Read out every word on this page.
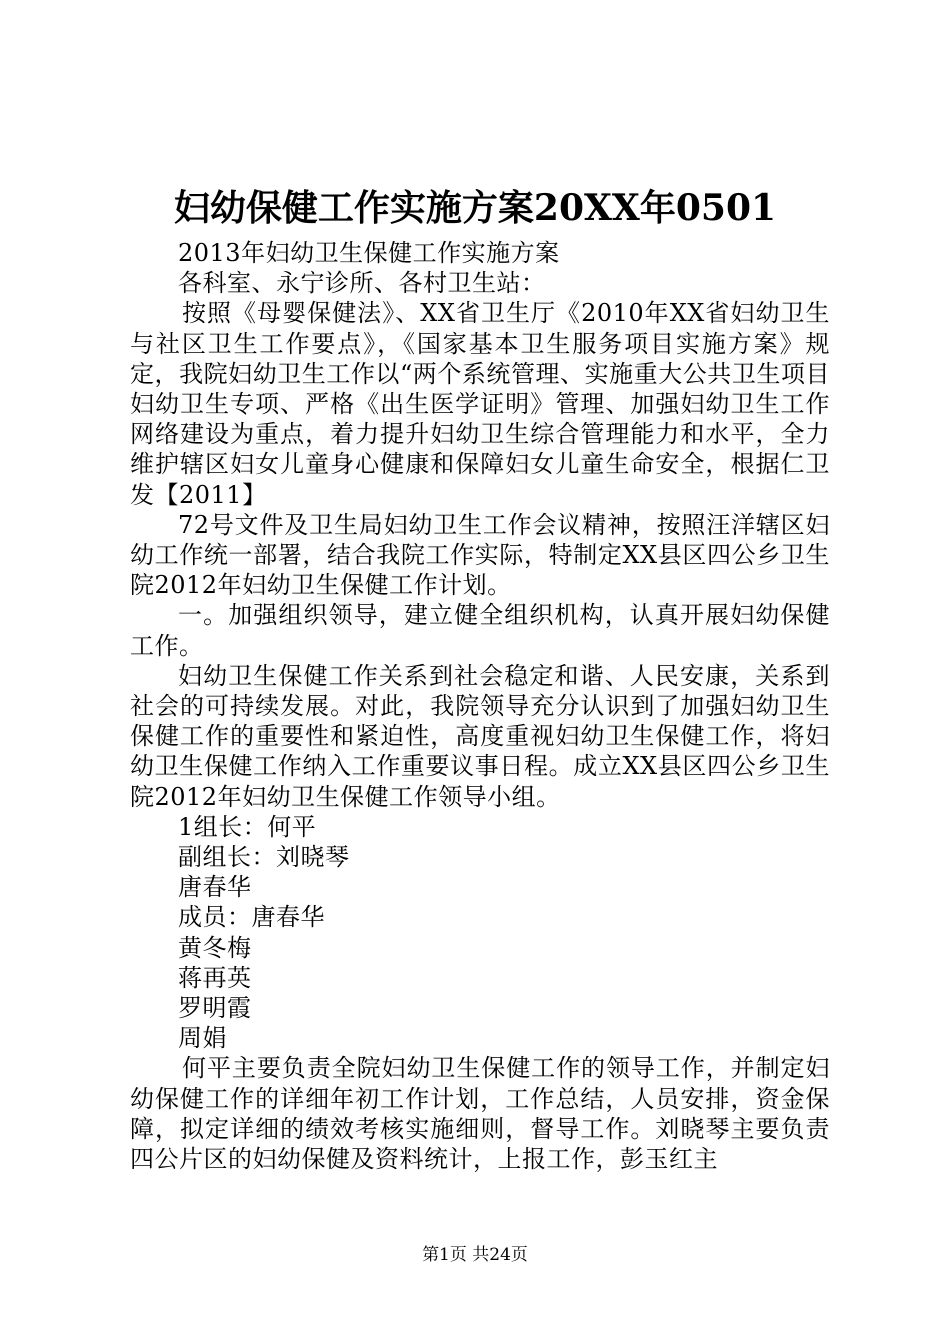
妇幼保健工作实施方案20XX年0501

2013年妇幼卫生保健工作实施方案

各科室、永宁诊所、各村卫生站：

按照《母婴保健法》、XX省卫生厅《2010年XX省妇幼卫生与社区卫生工作要点》，《国家基本卫生服务项目实施方案》规定，我院妇幼卫生工作以“两个系统管理、实施重大公共卫生项目妇幼卫生专项、严格《出生医学证明》管理、加强妇幼卫生工作网络建设为重点，着力提升妇幼卫生综合管理能力和水平，全力维护辖区妇女儿童身心健康和保障妇女儿童生命安全，根据仁卫发【2011】

72号文件及卫生局妇幼卫生工作会议精神，按照汪洋辖区妇幼工作统一部署，结合我院工作实际，特制定XX县区四公乡卫生院2012年妇幼卫生保健工作计划。

一。加强组织领导，建立健全组织机构，认真开展妇幼保健工作。

妇幼卫生保健工作关系到社会稳定和谐、人民安康，关系到社会的可持续发展。对此，我院领导充分认识到了加强妇幼卫生保健工作的重要性和紧迫性，高度重视妇幼卫生保健工作，将妇幼卫生保健工作纳入工作重要议事日程。成立XX县区四公乡卫生院2012年妇幼卫生保健工作领导小组。

1组长：何平

副组长：刘晓琴

唐春华

成员：唐春华

黄冬梅

蒋再英

罗明霞

周娟

何平主要负责全院妇幼卫生保健工作的领导工作，并制定妇幼保健工作的详细年初工作计划，工作总结，人员安排，资金保障，拟定详细的绩效考核实施细则，督导工作。刘晓琴主要负责四公片区的妇幼保健及资料统计，上报工作，彭玉红主

第1页 共24页
